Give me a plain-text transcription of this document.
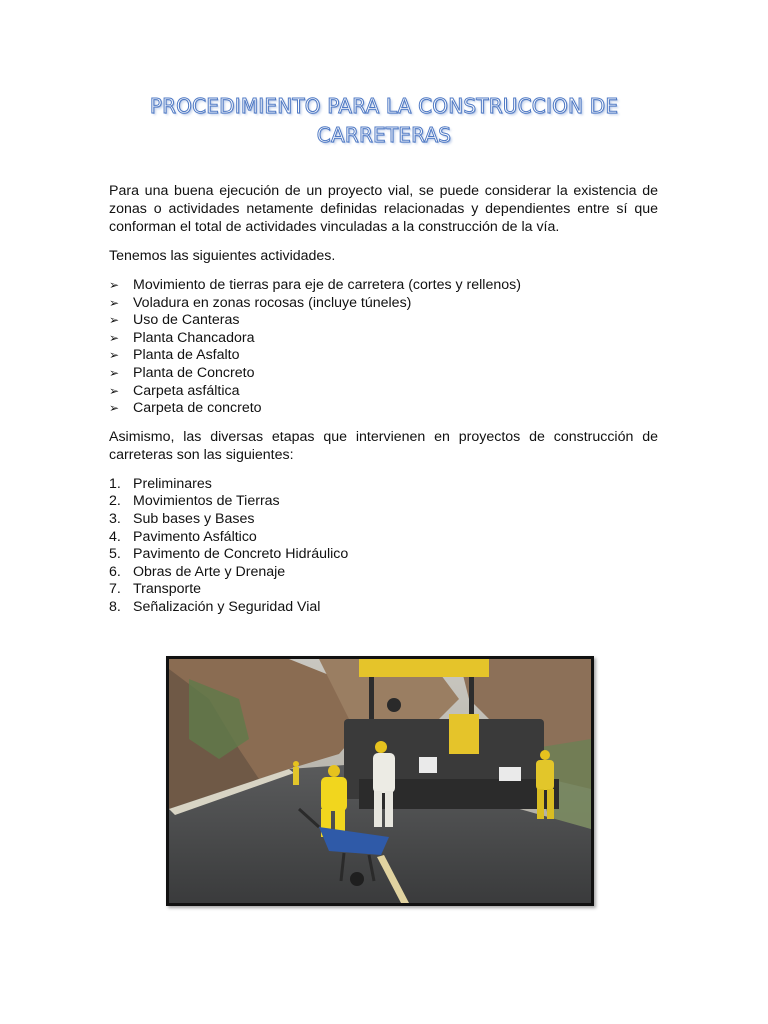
PROCEDIMIENTO PARA LA CONSTRUCCION DE
CARRETERAS

Para una buena ejecución de un proyecto vial, se puede considerar la existencia de zonas o actividades netamente definidas relacionadas y dependientes entre sí que conforman el total de actividades vinculadas a la construcción de la vía.

Tenemos las siguientes actividades.

➢ Movimiento de tierras para eje de carretera (cortes y rellenos)
➢ Voladura en zonas rocosas (incluye túneles)
➢ Uso de Canteras
➢ Planta Chancadora
➢ Planta de Asfalto
➢ Planta de Concreto
➢ Carpeta asfáltica
➢ Carpeta de concreto

Asimismo, las diversas etapas que intervienen en proyectos de construcción de carreteras son las siguientes:

1. Preliminares
2. Movimientos de Tierras
3. Sub bases y Bases
4. Pavimento Asfáltico
5. Pavimento de Concreto Hidráulico
6. Obras de Arte y Drenaje
7. Transporte
8. Señalización y Seguridad Vial
